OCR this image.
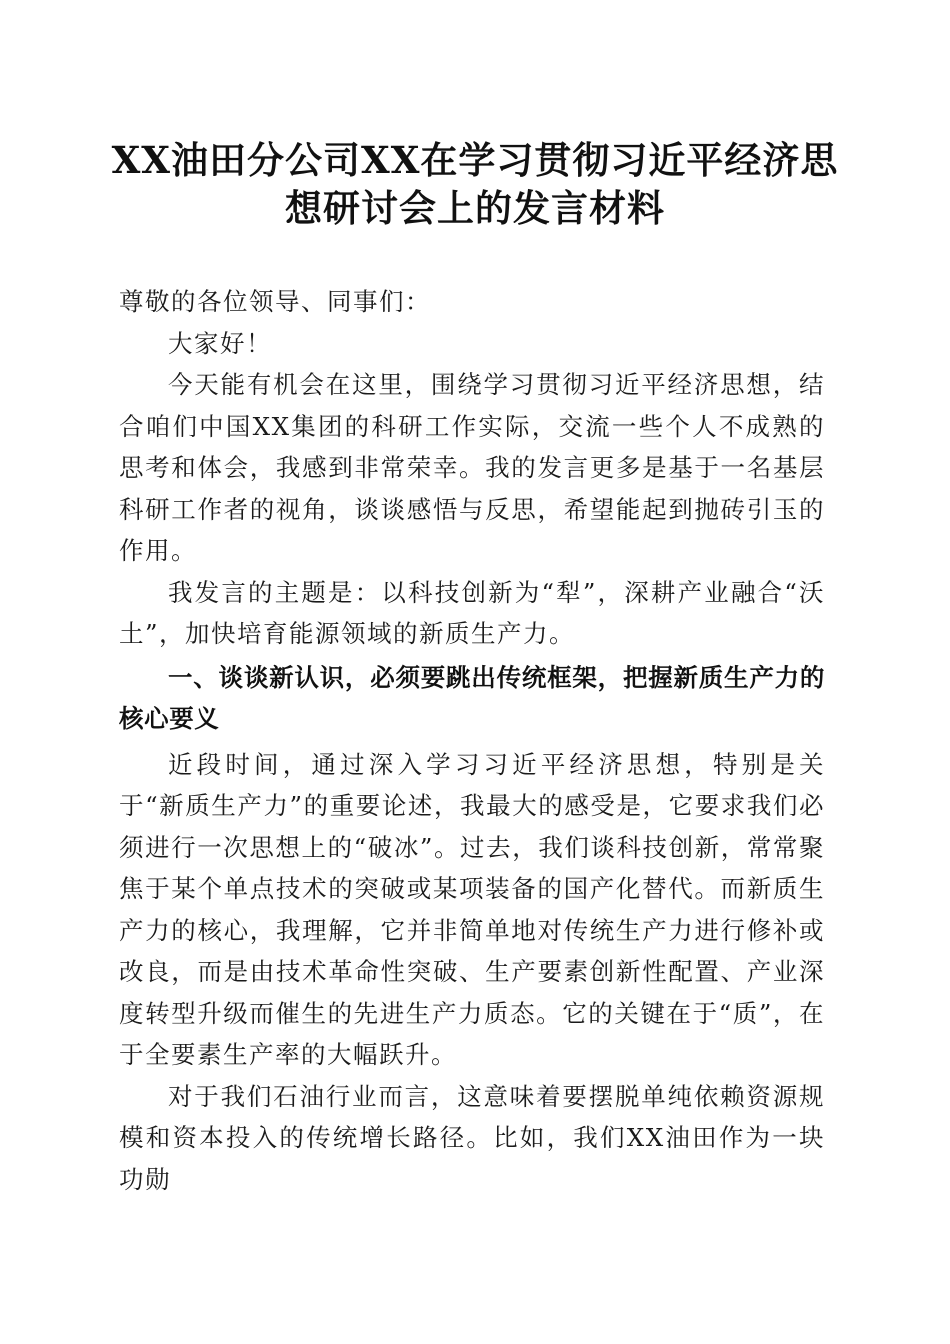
XX油田分公司XX在学习贯彻习近平经济思想研讨会上的发言材料

尊敬的各位领导、同事们：

大家好！

今天能有机会在这里，围绕学习贯彻习近平经济思想，结合咱们中国XX集团的科研工作实际，交流一些个人不成熟的思考和体会，我感到非常荣幸。我的发言更多是基于一名基层科研工作者的视角，谈谈感悟与反思，希望能起到抛砖引玉的作用。

我发言的主题是：以科技创新为“犁”，深耕产业融合“沃土”，加快培育能源领域的新质生产力。

一、谈谈新认识，必须要跳出传统框架，把握新质生产力的核心要义

近段时间，通过深入学习习近平经济思想，特别是关于“新质生产力”的重要论述，我最大的感受是，它要求我们必须进行一次思想上的“破冰”。过去，我们谈科技创新，常常聚焦于某个单点技术的突破或某项装备的国产化替代。而新质生产力的核心，我理解，它并非简单地对传统生产力进行修补或改良，而是由技术革命性突破、生产要素创新性配置、产业深度转型升级而催生的先进生产力质态。它的关键在于“质”，在于全要素生产率的大幅跃升。

对于我们石油行业而言，这意味着要摆脱单纯依赖资源规模和资本投入的传统增长路径。比如，我们XX油田作为一块功勋
